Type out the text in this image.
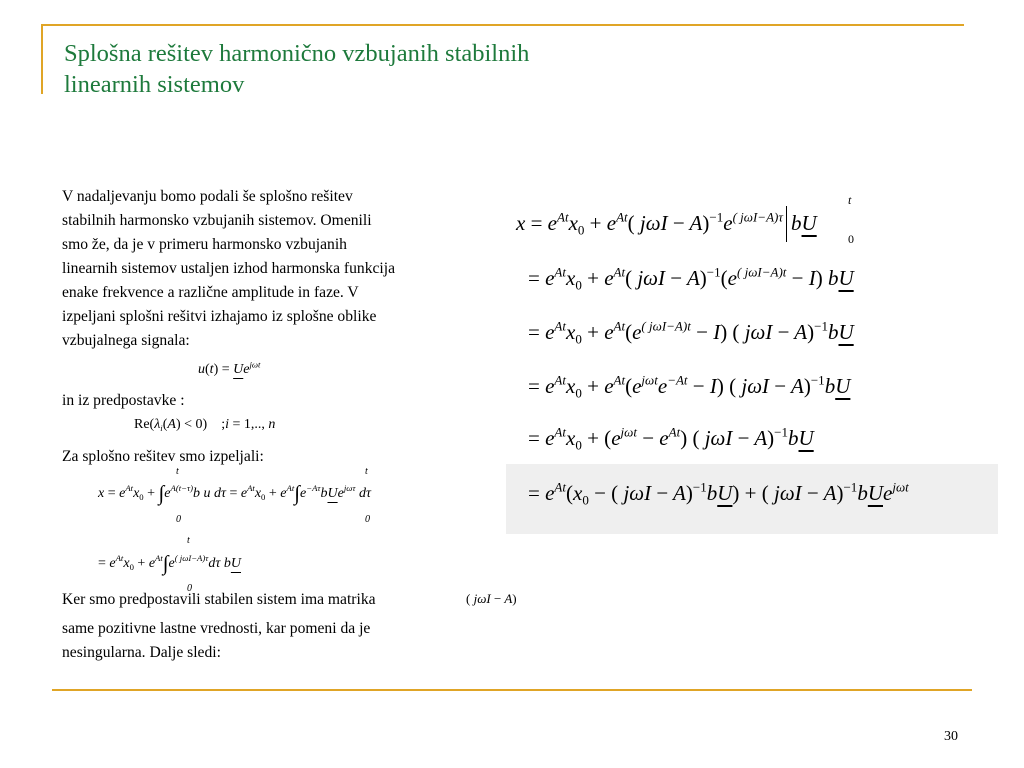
Splošna rešitev harmonično vzbujanih stabilnih
linearnih sistemov
V nadaljevanju bomo podali še splošno rešitev
stabilnih harmonsko vzbujanih sistemov. Omenili
smo že, da je v primeru harmonsko vzbujanih
linearnih sistemov ustaljen izhod harmonska funkcija
enake frekvence a različne amplitude in faze. V
izpeljani splošni rešitvi izhajamo iz splošne oblike
vzbujalnega signala:
$u(t) = Ue^{j\omega t}$
in iz predpostavke :
$Re(\lambda_i(A) < 0)$ ;i = 1,.., n
Za splošno rešitev smo izpeljali:
$x = e^{At}x_0 + \int e^{A(t-\tau)}b$ u $d\tau = e^{At}x_0 + e^{At}\int e^{-A\tau}bUe^{j\omega\tau}$ dτ
t
0
t
0
= $e^{At}x_0 + e^{At}\int e^{( j\omega I-A)\tau}d\tau$ bU
t
0
Ker smo predpostavili stabilen sistem ima matrika	( jωI − A)
same pozitivne lastne vrednosti, kar pomeni da je
nesingularna. Dalje sledi:
$x = e^{At}x_0 + e^{At}$( $j\omega I - A)^{-1}e^{( j\omega I-A)\tau}$ bU
t
0
= $e^{At}x_0 + e^{At}$( $j\omega I - A)^{-1}(e^{( j\omega I-A)t} - I)$ bU
= $e^{At}x_0 + e^{At}(e^{( j\omega I-A)t} - I)$ ( jωI − A)$^{-1}$bU
= $e^{At}x_0 + e^{At}(e^{j\omega t}e^{-At} - I)$ ( jωI − A)$^{-1}$bU
= $e^{At}x_0 + (e^{j\omega t} - e^{At})$ ( jωI − A)$^{-1}$bU
= $e^{At}(x_0$ − ( jωI − A)$^{-1}$bU) + ( jωI − A)$^{-1}$bUe$^{j\omega t}$
30
